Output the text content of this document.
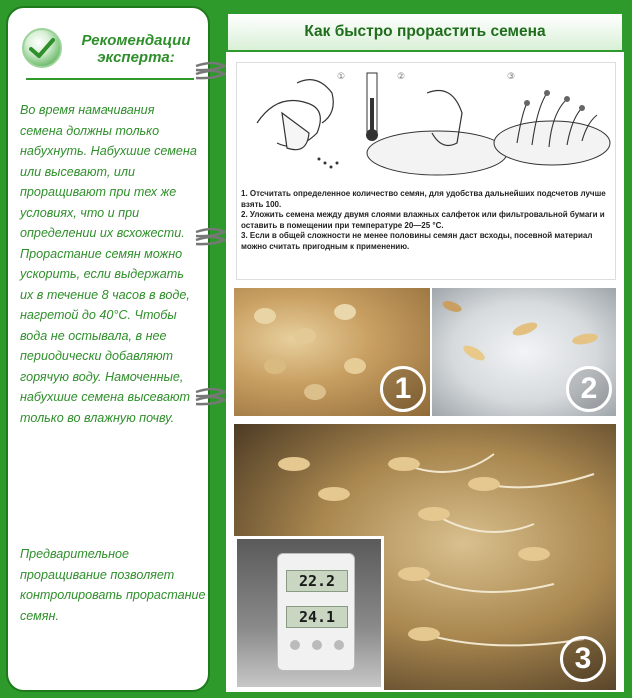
Рекомендации
эксперта:
Во время намачивания семена должны только набухнуть. Набухшие семена или высевают, или проращивают при тех же условиях, что и при определении их всхожести. Прорастание семян можно ускорить, если выдержать их в течение 8 часов в воде, нагретой до 40°С. Чтобы вода не остывала, в нее периодически добавляют горячую воду. Намоченные, набухшие семена высевают только во влажную почву.
Предварительное проращивание позволяет контролировать прорастание семян.
Как быстро прорастить семена
①	②	③
1. Отсчитать определенное количество семян, для удобства дальнейших подсчетов лучше взять 100.
2. Уложить семена между двумя слоями влажных салфеток или фильтровальной бумаги и оставить в помещении при температуре 20—25 °С.
3. Если в общей сложности не менее половины семян даст всходы, посевной материал можно считать пригодным к применению.
1	2
3
22.2
24.1
